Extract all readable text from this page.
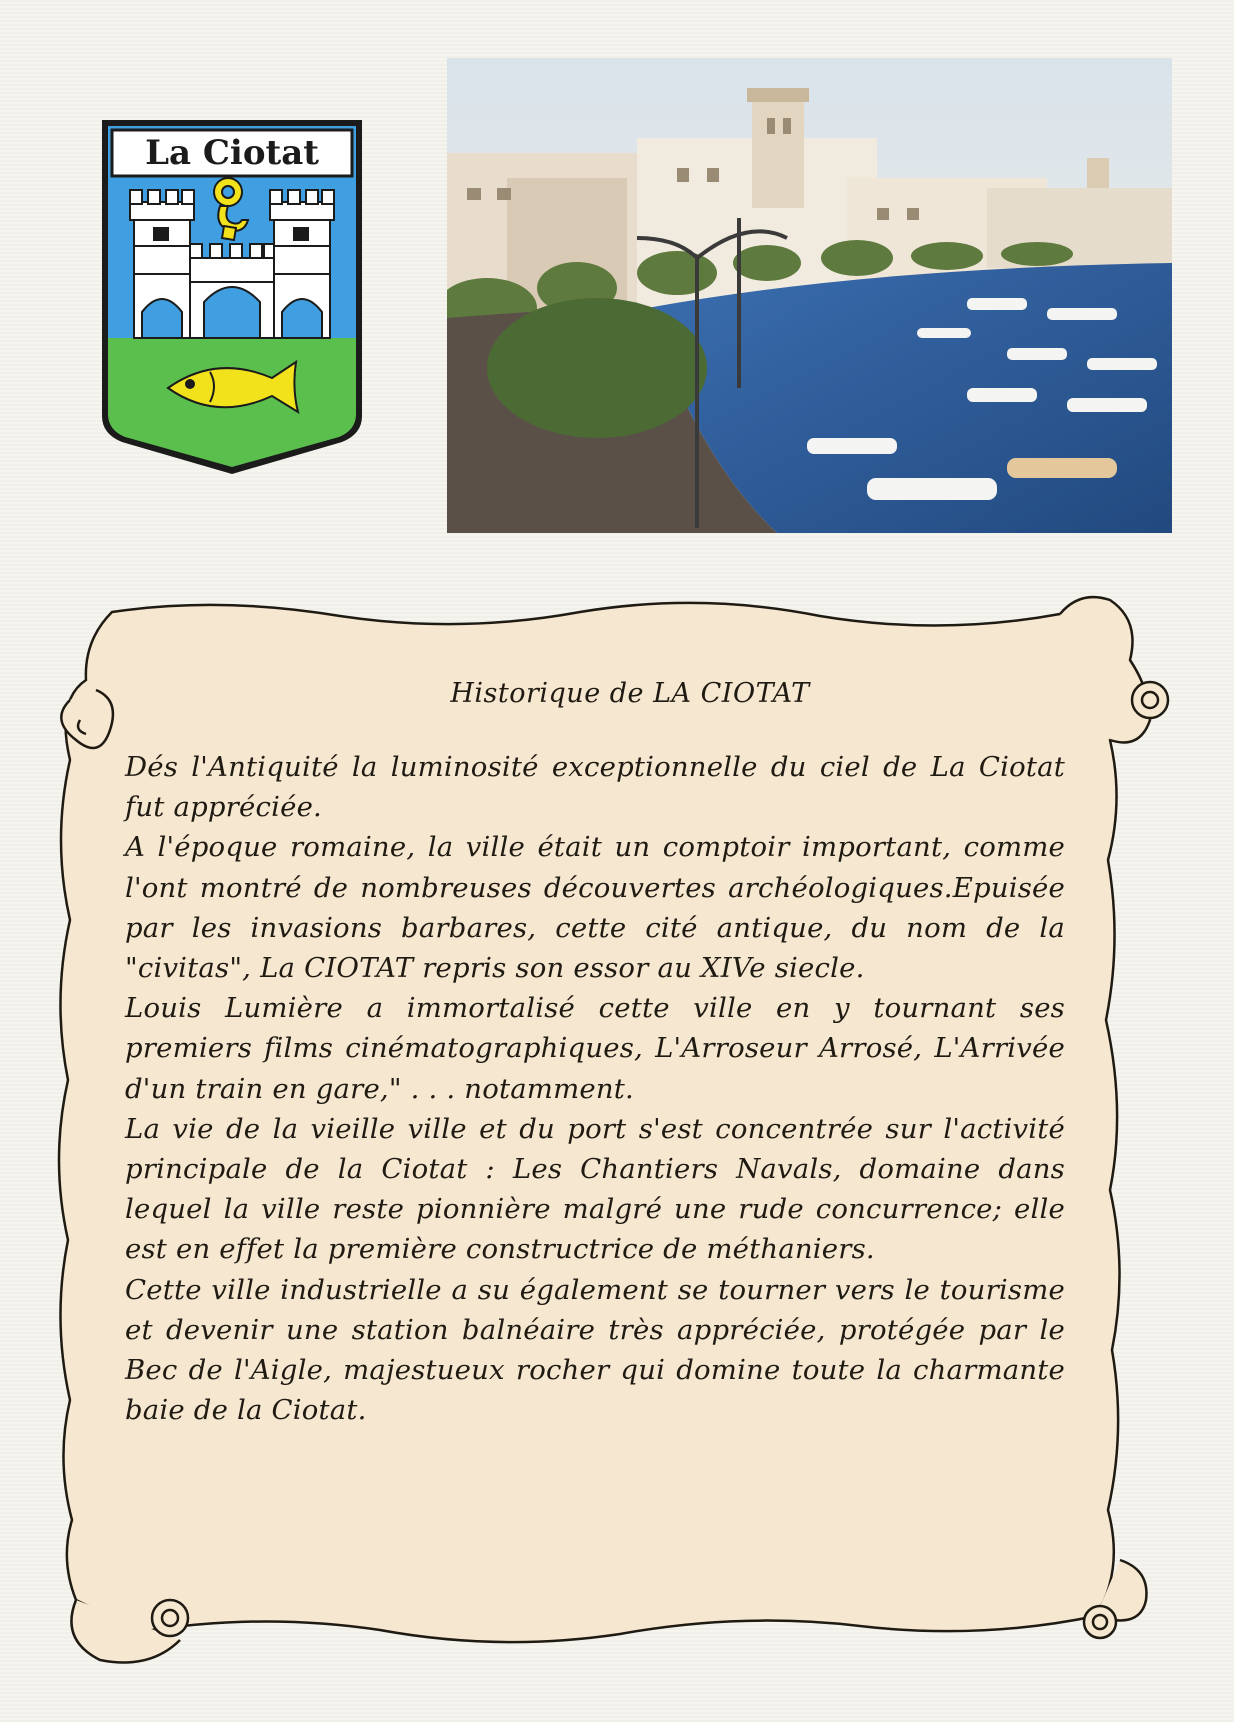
La Ciotat

Historique de LA CIOTAT

Dés l'Antiquité la luminosité exceptionnelle du ciel de La Ciotat fut appréciée.

A l'époque romaine, la ville était un comptoir important, comme l'ont montré de nombreuses découvertes archéologiques.Epuisée par les invasions barbares, cette cité antique, du nom de la "civitas", La CIOTAT repris son essor au XIVe siecle.

Louis Lumière a immortalisé cette ville en y tournant ses premiers films cinématographiques, L'Arroseur Arrosé, L'Arrivée d'un train en gare," . . . notamment.

La vie de la vieille ville et du port s'est concentrée sur l'activité principale de la Ciotat : Les Chantiers Navals, domaine dans lequel la ville reste pionnière malgré une rude concurrence; elle est en effet la première constructrice de méthaniers.

Cette ville industrielle a su également se tourner vers le tourisme et devenir une station balnéaire très appréciée, protégée par le Bec de l'Aigle, majestueux rocher qui domine toute la charmante baie de la Ciotat.
